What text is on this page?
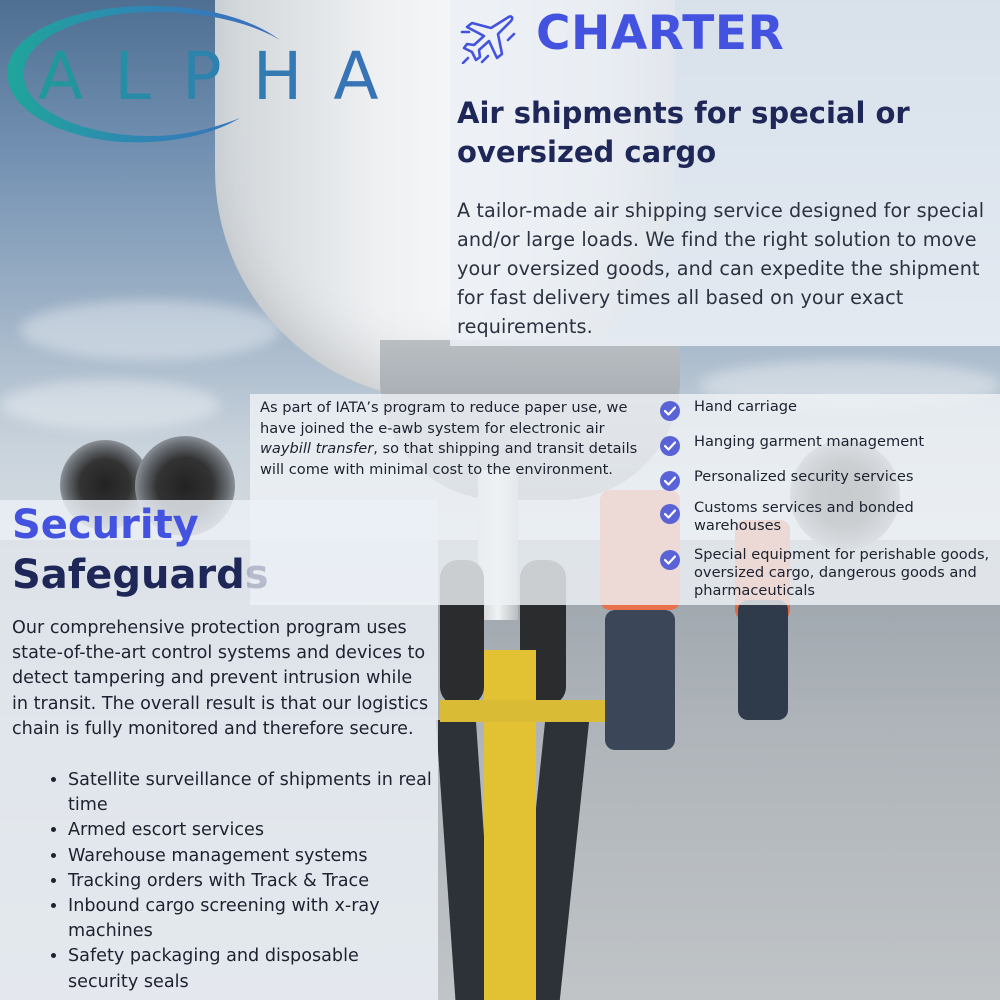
ALPHA
CHARTER
Air shipments for special or oversized cargo
A tailor-made air shipping service designed for special and/or large loads. We find the right solution to move your oversized goods, and can expedite the shipment for fast delivery times all based on your exact requirements.
As part of IATA’s program to reduce paper use, we have joined the e-awb system for electronic air waybill transfer, so that shipping and transit details will come with minimal cost to the environment.
Hand carriage
Hanging garment management
Personalized security services
Customs services and bonded warehouses
Special equipment for perishable goods, oversized cargo, dangerous goods and pharmaceuticals
Security
Safeguards
Our comprehensive protection program uses state-of-the-art control systems and devices to detect tampering and prevent intrusion while in transit. The overall result is that our logistics chain is fully monitored and therefore secure.
• Satellite surveillance of shipments in real time
• Armed escort services
• Warehouse management systems
• Tracking orders with Track & Trace
• Inbound cargo screening with x-ray machines
• Safety packaging and disposable security seals
